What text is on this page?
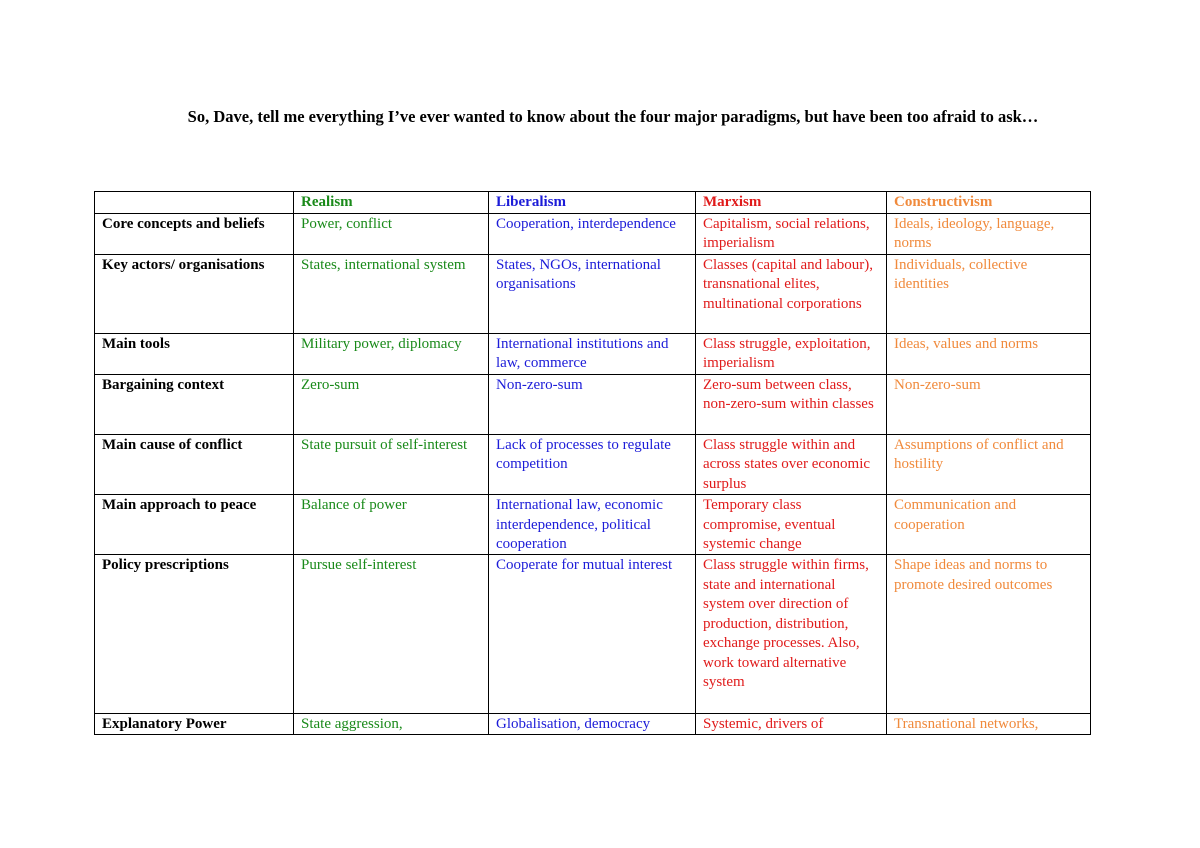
So, Dave, tell me everything I’ve ever wanted to know about the four major paradigms, but have been too afraid to ask…
	Realism	Liberalism	Marxism	Constructivism

Core concepts and beliefs	Power, conflict	Cooperation, interdependence	Capitalism, social relations, imperialism	Ideals, ideology, language, norms

Key actors/ organisations	States, international system	States, NGOs, international organisations	Classes (capital and labour), transnational elites, multinational corporations	Individuals, collective identities

Main tools	Military power, diplomacy	International institutions and law, commerce	Class struggle, exploitation, imperialism	Ideas, values and norms

Bargaining context	Zero-sum	Non-zero-sum	Zero-sum between class, non-zero-sum within classes	Non-zero-sum

Main cause of conflict	State pursuit of self-interest	Lack of processes to regulate competition	Class struggle within and across states over economic surplus	Assumptions of conflict and hostility

Main approach to peace	Balance of power	International law, economic interdependence, political cooperation	Temporary class compromise, eventual systemic change	Communication and cooperation

Policy prescriptions	Pursue self-interest	Cooperate for mutual interest	Class struggle within firms, state and international system over direction of production, distribution, exchange processes. Also, work toward alternative system	Shape ideas and norms to promote desired outcomes

Explanatory Power	State aggression,	Globalisation, democracy	Systemic, drivers of	Transnational networks,
